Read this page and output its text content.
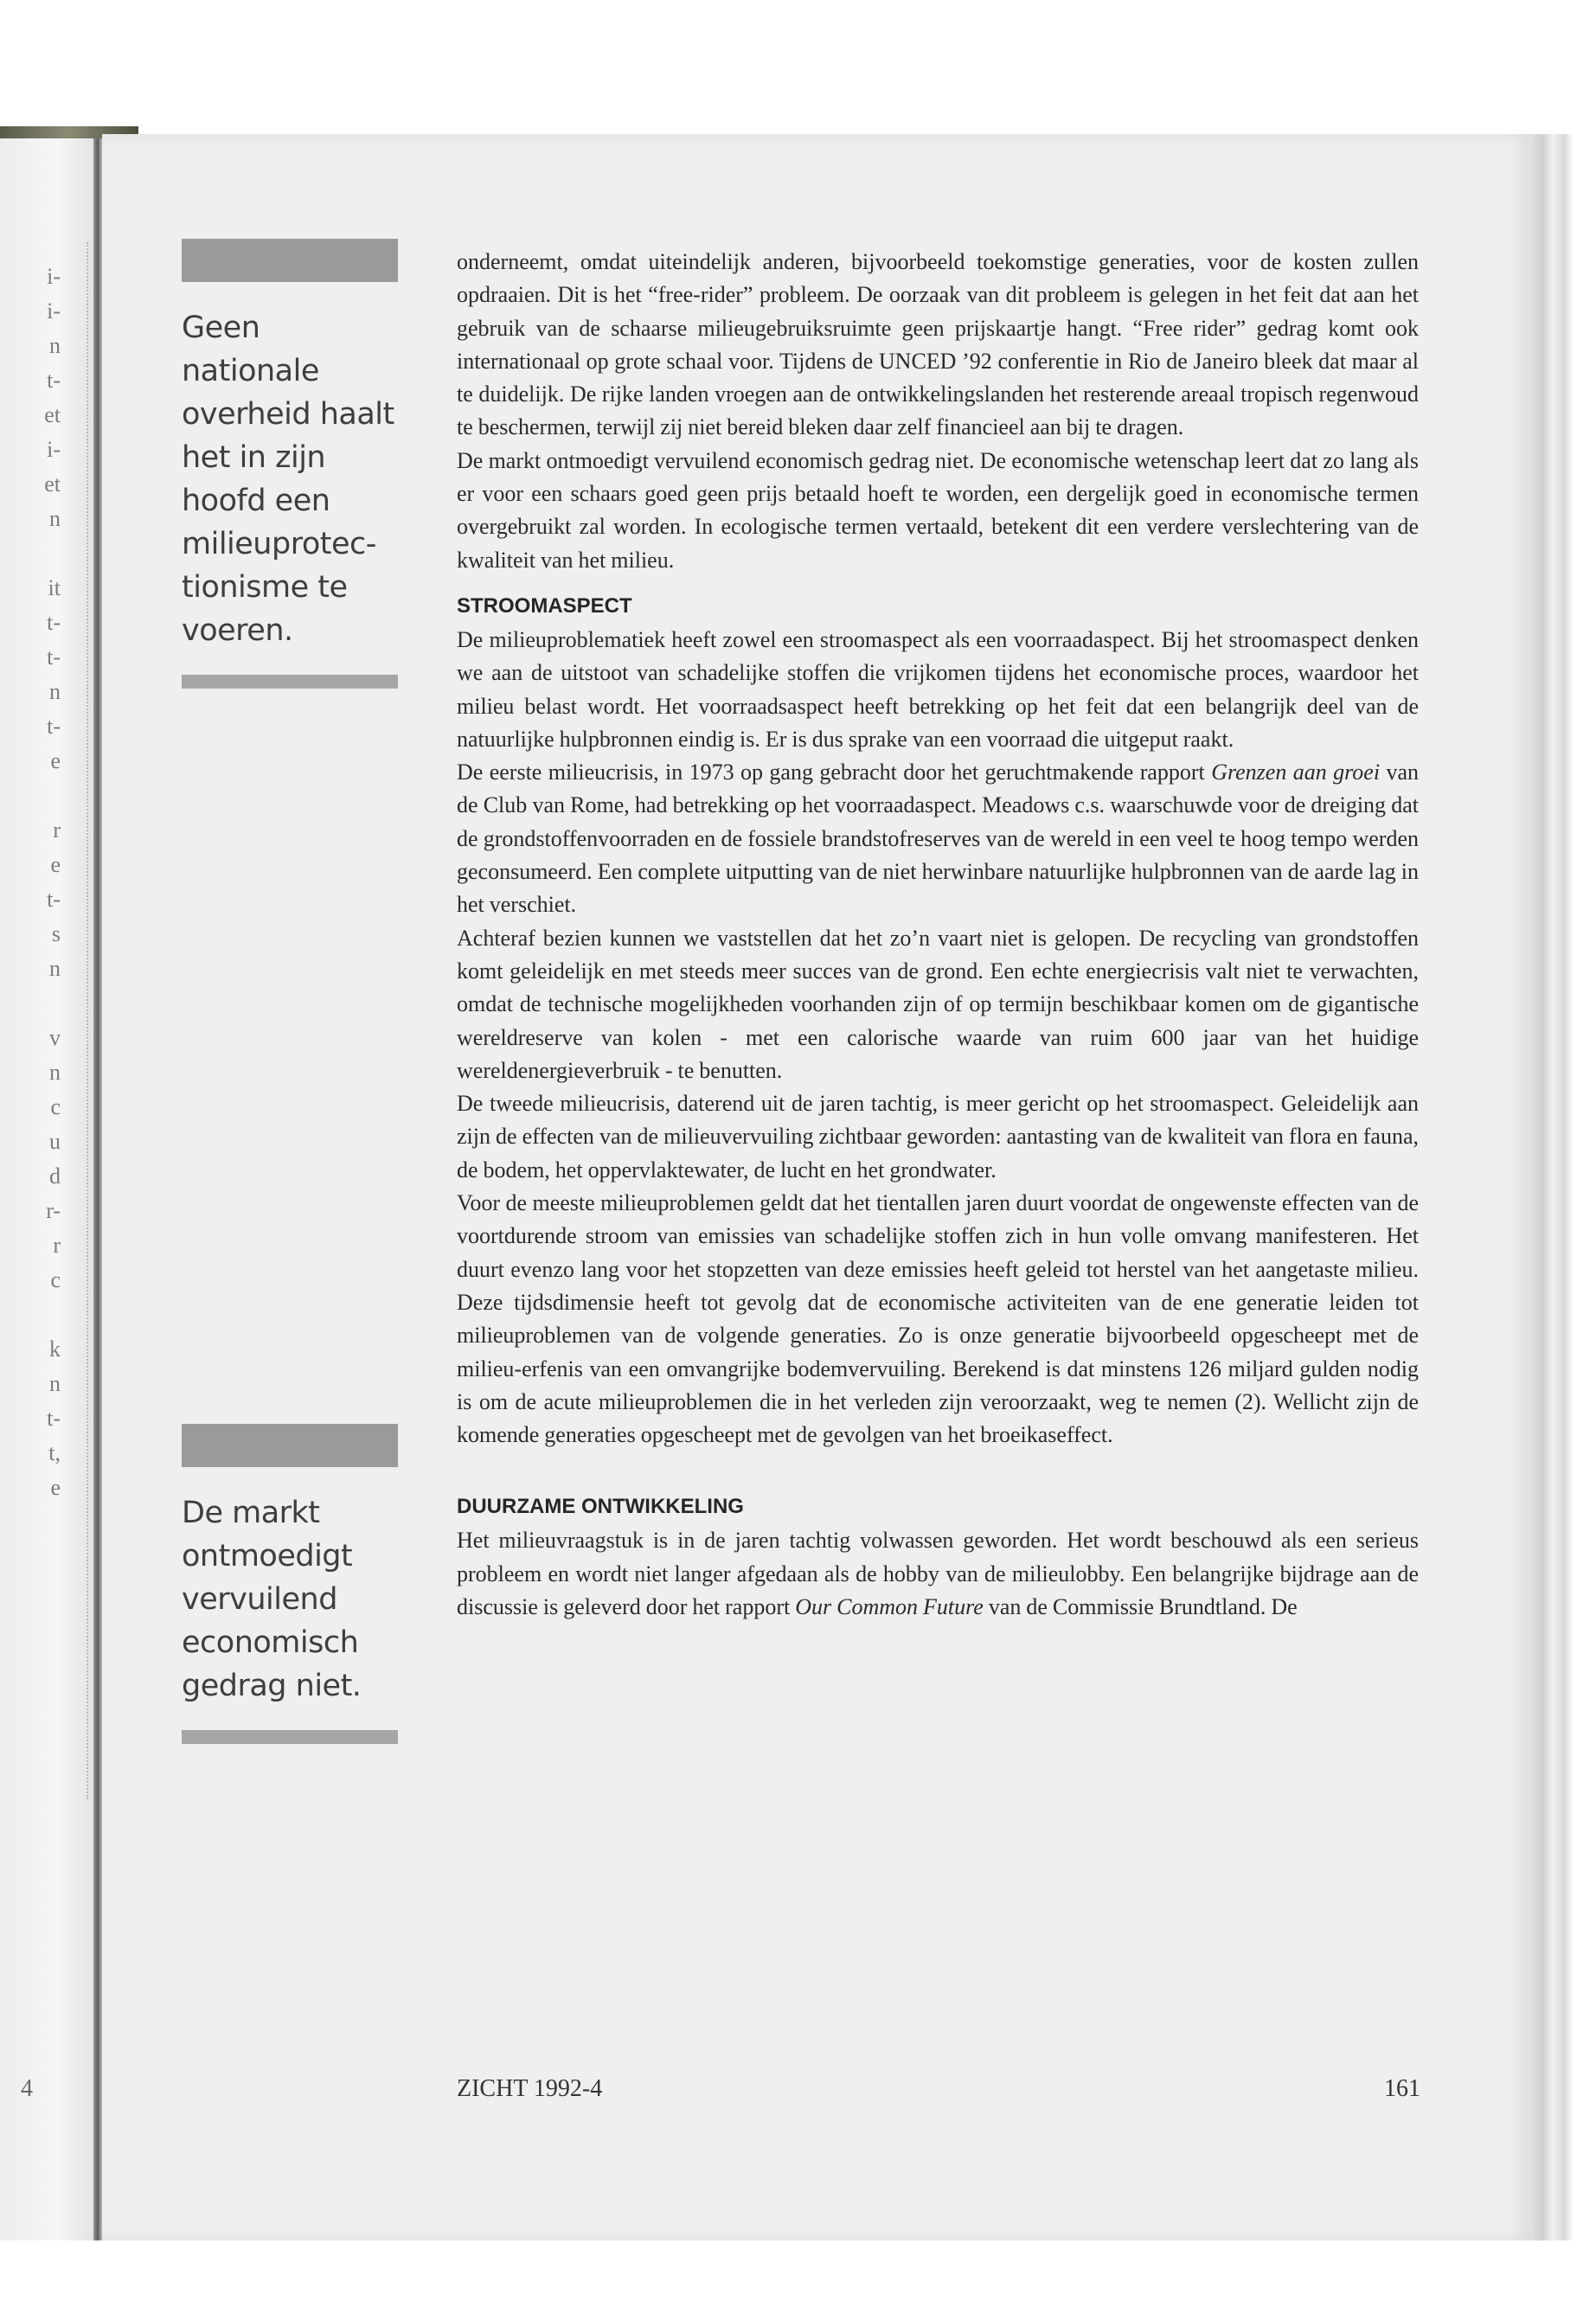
i-
i-
n
t-
et
i-
et
n
it
t-
t-
n
t-
e
r
e
t-
s
n
v
n
c
u
d
r-
r
c
k
n
t-
t,
e
Geen nationale overheid haalt het in zijn hoofd een milieuprotec- tionisme te voeren.
De markt ontmoedigt vervuilend economisch gedrag niet.

onderneemt, omdat uiteindelijk anderen, bijvoorbeeld toekomstige generaties, voor de kosten zullen opdraaien. Dit is het “free-rider” probleem. De oorzaak van dit probleem is gelegen in het feit dat aan het gebruik van de schaarse milieugebruiksruimte geen prijskaartje hangt. “Free rider” gedrag komt ook internationaal op grote schaal voor. Tijdens de UNCED ’92 conferentie in Rio de Janeiro bleek dat maar al te duidelijk. De rijke landen vroegen aan de ontwikkelingslanden het resterende areaal tropisch regenwoud te beschermen, terwijl zij niet bereid bleken daar zelf financieel aan bij te dragen.

De markt ontmoedigt vervuilend economisch gedrag niet. De economische wetenschap leert dat zo lang als er voor een schaars goed geen prijs betaald hoeft te worden, een dergelijk goed in economische termen overgebruikt zal worden. In ecologische termen vertaald, betekent dit een verdere verslechtering van de kwaliteit van het milieu.

STROOMASPECT

De milieuproblematiek heeft zowel een stroomaspect als een voorraadaspect. Bij het stroomaspect denken we aan de uitstoot van schadelijke stoffen die vrijkomen tijdens het economische proces, waardoor het milieu belast wordt. Het voorraadsaspect heeft betrekking op het feit dat een belangrijk deel van de natuurlijke hulpbronnen eindig is. Er is dus sprake van een voorraad die uitgeput raakt.

De eerste milieucrisis, in 1973 op gang gebracht door het geruchtmakende rapport Grenzen aan groei van de Club van Rome, had betrekking op het voorraadaspect. Meadows c.s. waarschuwde voor de dreiging dat de grondstoffenvoorraden en de fossiele brandstofreserves van de wereld in een veel te hoog tempo werden geconsumeerd. Een complete uitputting van de niet herwinbare natuurlijke hulpbronnen van de aarde lag in het verschiet.

Achteraf bezien kunnen we vaststellen dat het zo’n vaart niet is gelopen. De recycling van grondstoffen komt geleidelijk en met steeds meer succes van de grond. Een echte energiecrisis valt niet te verwachten, omdat de technische mogelijkheden voorhanden zijn of op termijn beschikbaar komen om de gigantische wereldreserve van kolen - met een calorische waarde van ruim 600 jaar van het huidige wereldenergieverbruik - te benutten.

De tweede milieucrisis, daterend uit de jaren tachtig, is meer gericht op het stroomaspect. Geleidelijk aan zijn de effecten van de milieuvervuiling zichtbaar geworden: aantasting van de kwaliteit van flora en fauna, de bodem, het oppervlaktewater, de lucht en het grondwater.

Voor de meeste milieuproblemen geldt dat het tientallen jaren duurt voordat de ongewenste effecten van de voortdurende stroom van emissies van schadelijke stoffen zich in hun volle omvang manifesteren. Het duurt evenzo lang voor het stopzetten van deze emissies heeft geleid tot herstel van het aangetaste milieu. Deze tijdsdimensie heeft tot gevolg dat de economische activiteiten van de ene generatie leiden tot milieuproblemen van de volgende generaties. Zo is onze generatie bijvoorbeeld opgescheept met de milieu-erfenis van een omvangrijke bodemvervuiling. Berekend is dat minstens 126 miljard gulden nodig is om de acute milieuproblemen die in het verleden zijn veroorzaakt, weg te nemen (2). Wellicht zijn de komende generaties opgescheept met de gevolgen van het broeikaseffect.

DUURZAME ONTWIKKELING

Het milieuvraagstuk is in de jaren tachtig volwassen geworden. Het wordt beschouwd als een serieus probleem en wordt niet langer afgedaan als de hobby van de milieulobby. Een belangrijke bijdrage aan de discussie is geleverd door het rapport Our Common Future van de Commissie Brundtland. De

4	ZICHT 1992-4	161
